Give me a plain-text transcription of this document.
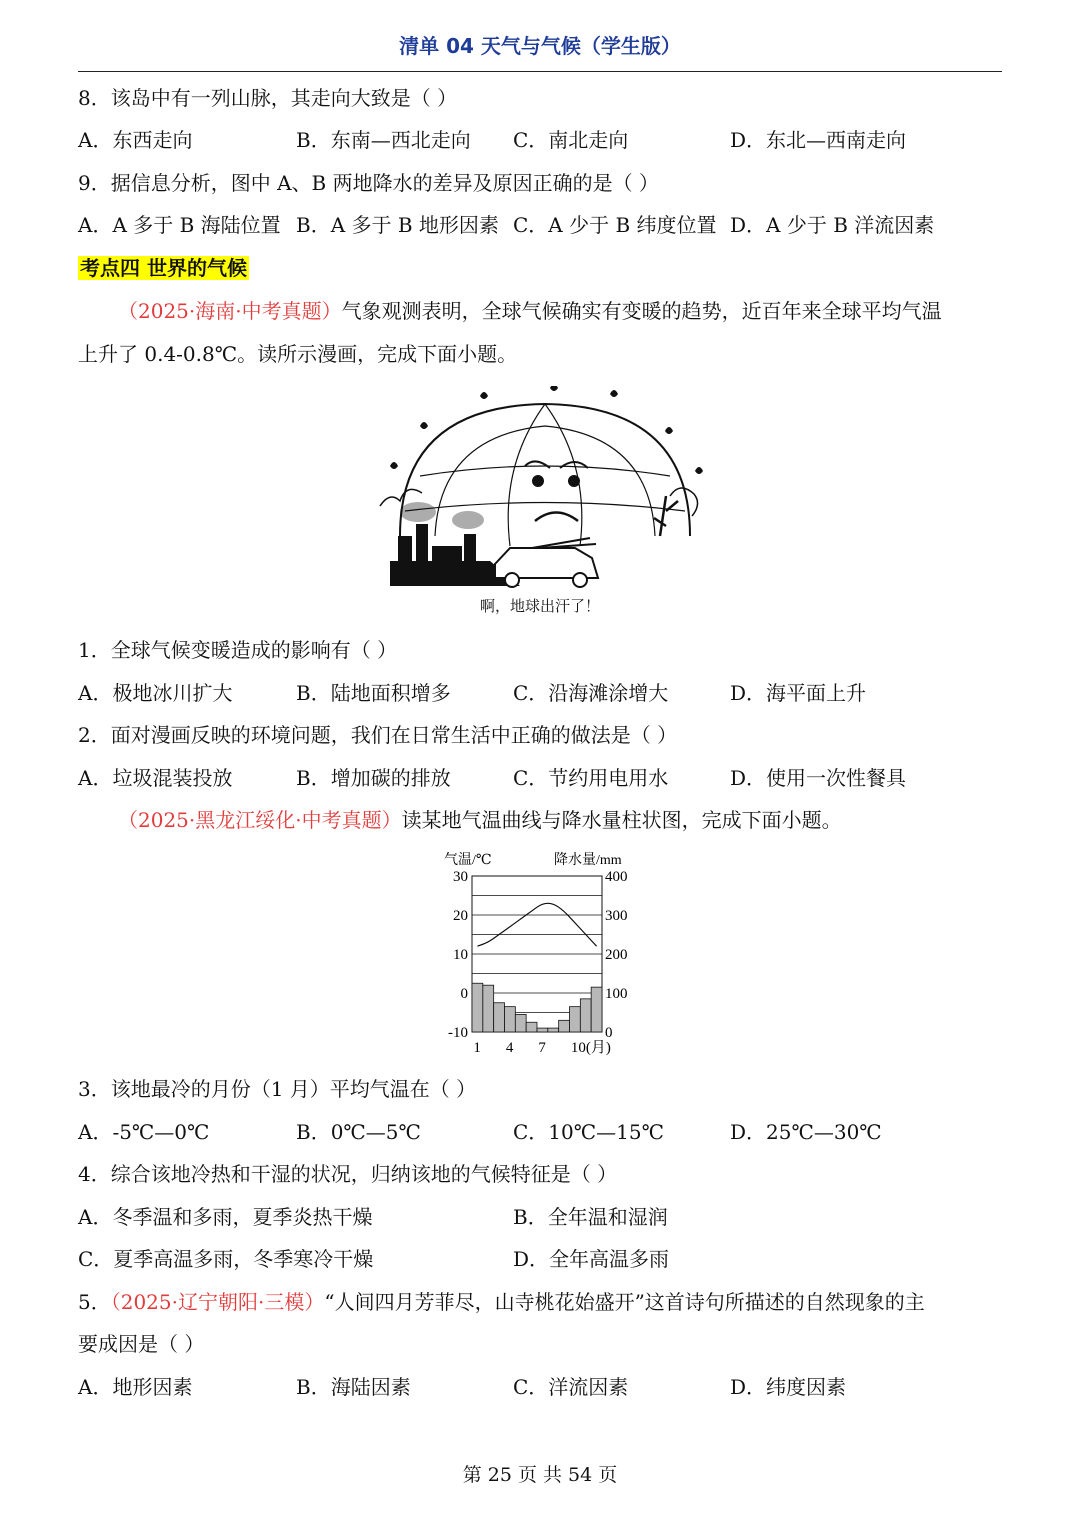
清单 04 天气与气候（学生版）
8．该岛中有一列山脉，其走向大致是（ ）
A．东西走向	B．东南—西北走向 C．南北走向	D．东北—西南走向
9．据信息分析，图中 A、B 两地降水的差异及原因正确的是（ ）
A．A 多于 B 海陆位置 B．A 多于 B 地形因素 C．A 少于 B 纬度位置 D．A 少于 B 洋流因素
考点四 世界的气候
（2025·海南·中考真题）气象观测表明，全球气候确实有变暖的趋势，近百年来全球平均气温
上升了 0.4-0.8℃。读所示漫画，完成下面小题。
啊，地球出汗了！
1．全球气候变暖造成的影响有（ ）
A．极地冰川扩大	B．陆地面积增多	C．沿海滩涂增大	D．海平面上升
2．面对漫画反映的环境问题，我们在日常生活中正确的做法是（ ）
A．垃圾混装投放	B．增加碳的排放	C．节约用电用水	D．使用一次性餐具
（2025·黑龙江绥化·中考真题）读某地气温曲线与降水量柱状图，完成下面小题。
气温/℃	降水量/mm
30
20
10
0
-10
400
300
200
100
0
1 4 7 10(月)
3．该地最冷的月份（1 月）平均气温在（ ）
A．-5℃—0℃	B．0℃—5℃	C．10℃—15℃	D．25℃—30℃
4．综合该地冷热和干湿的状况，归纳该地的气候特征是（ ）
A．冬季温和多雨，夏季炎热干燥	B．全年温和湿润
C．夏季高温多雨，冬季寒冷干燥	D．全年高温多雨
5．（2025·辽宁朝阳·三模）“人间四月芳菲尽，山寺桃花始盛开”这首诗句所描述的自然现象的主
要成因是（ ）
A．地形因素	B．海陆因素	C．洋流因素	D．纬度因素
第 25 页 共 54 页
